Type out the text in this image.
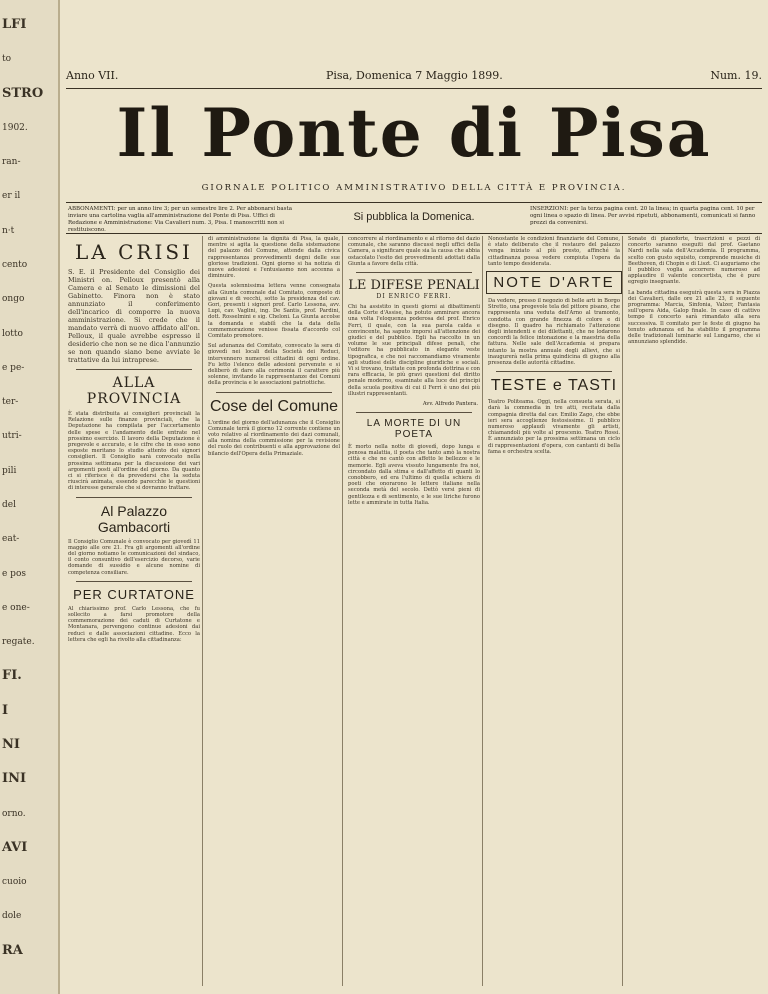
LFI
to
STRO
1902.
ran-
er il
n·t
cento
ongo
lotto
e pe-
ter-
utri-
pili
del
eat-
e pos
e one-
regate.
FI.
I
NI
INI
orno.
AVI
cuoio
dole
RA
Anno VII.	Pisa, Domenica 7 Maggio 1899.	Num. 19.
Il Ponte di Pisa
GIORNALE POLITICO AMMINISTRATIVO DELLA CITTÀ E PROVINCIA.
ABBONAMENTI: per un anno lire 3; per un semestre lire 2. Per abbonarsi basta inviare una cartolina vaglia all'amministrazione del Ponte di Pisa. Uffici di Redazione e Amministrazione: Via Cavalieri num. 3, Pisa. I manoscritti non si restituiscono.
Si pubblica la Domenica.
INSERZIONI: per la terza pagina cent. 20 la linea; in quarta pagina cent. 10 per ogni linea o spazio di linea. Per avvisi ripetuti, abbonamenti, comunicati si fanno prezzi da convenirsi.
LA CRISI

S. E. il Presidente del Consiglio dei Ministri on. Pelloux presentò alla Camera e al Senato le dimissioni del Gabinetto. Finora non è stato annunziato il conferimento dell'incarico di comporre la nuova amministrazione. Si crede che il mandato verrà di nuovo affidato all'on. Pelloux, il quale avrebbe espresso il desiderio che non se ne dica l'annunzio se non quando siano bene avviate le trattative da lui intraprese.

ALLA PROVINCIA

È stata distribuita ai consiglieri provinciali la Relazione sulle finanze provinciali, che la Deputazione ha compilata per l'accertamento delle spese e l'andamento delle entrate nel prossimo esercizio. Il lavoro della Deputazione è pregevole e accurato, e le cifre che in esso sono esposte meritano lo studio attento dei signori consiglieri. Il Consiglio sarà convocato nella prossima settimana per la discussione dei vari argomenti posti all'ordine del giorno. Da quanto ci si riferisce è da prevedersi che la seduta riuscirà animata, essendo parecchie le questioni di interesse generale che si dovranno trattare.

Al Palazzo Gambacorti

Il Consiglio Comunale è convocato per giovedì 11 maggio alle ore 21. Fra gli argomenti all'ordine del giorno notiamo le comunicazioni del sindaco, il conto consuntivo dell'esercizio decorso, varie domande di sussidio e alcune nomine di competenza consiliare.

PER CURTATONE

Al chiarissimo prof. Carlo Lessona, che fu sollecito a farsi promotore della commemorazione dei caduti di Curtatone e Montanara, pervengono continue adesioni dai reduci e dalle associazioni cittadine. Ecco la lettera che egli ha rivolto alla cittadinanza:

di amministrazione la dignità di Pisa, la quale, mentre si agita la questione della sistemazione del palazzo del Comune, attende dalla civica rappresentanza provvedimenti degni delle sue gloriose tradizioni. Ogni giorno si ha notizia di nuove adesioni e l'entusiasmo non accenna a diminuire.

Questa solennissima lettera venne consegnata alla Giunta comunale dal Comitato, composto di giovani e di vecchi, sotto la presidenza del cav. Gori, presenti i signori prof. Carlo Lessona, avv. Lupi, cav. Vaglini, ing. De Santis, prof. Pardini, dott. Rosselmini e sig. Cheloni. La Giunta accolse la domanda e stabilì che la data della commemorazione venisse fissata d'accordo col Comitato promotore.

Sul adunanza del Comitato, convocato la sera di giovedì nei locali della Società dei Reduci, intervennero numerosi cittadini di ogni ordine. Fu letto l'elenco delle adesioni pervenute e si deliberò di dare alla cerimonia il carattere più solenne, invitando le rappresentanze dei Comuni della provincia e le associazioni patriottiche.

Cose del Comune

L'ordine del giorno dell'adunanza che il Consiglio Comunale terrà il giorno 12 corrente contiene un voto relativo al riordinamento dei dazi comunali, alla nomina della commissione per la revisione del ruolo dei contribuenti e alla approvazione del bilancio dell'Opera della Primaziale.

concorrere al riordinamento e al ritorno del dazio comunale, che saranno discussi negli uffici della Camera, a significare quale sia la causa che abbia ostacolato l'esito dei provvedimenti adottati dalla Giunta a favore della città.

LE DIFESE PENALI
DI ENRICO FERRI.

Chi ha assistito in questi giorni ai dibattimenti della Corte d'Assise, ha potuto ammirare ancora una volta l'eloquenza poderosa del prof. Enrico Ferri, il quale, con la sua parola calda e convincente, ha saputo imporsi all'attenzione dei giudici e del pubblico. Egli ha raccolto in un volume le sue principali difese penali, che l'editore ha pubblicato in elegante veste tipografica, e che noi raccomandiamo vivamente agli studiosi delle discipline giuridiche e sociali. Vi si trovano, trattate con profonda dottrina e con rara efficacia, le più gravi questioni del diritto penale moderno, esaminate alla luce dei principi della scuola positiva di cui il Ferri è uno dei più illustri rappresentanti.

Avv. Alfredo Pantera.
LA MORTE DI UN POETA

È morto nella notte di giovedì, dopo lunga e penosa malattia, il poeta che tanto amò la nostra città e che ne cantò con affetto le bellezze e le memorie. Egli aveva vissuto lungamente fra noi, circondato dalla stima e dall'affetto di quanti lo conobbero, ed era l'ultimo di quella schiera di poeti che onorarono le lettere italiane nella seconda metà del secolo. Dettò versi pieni di gentilezza e di sentimento, e le sue liriche furono lette e ammirate in tutta Italia.

Nonostante le condizioni finanziarie del Comune, è stato deliberato che il restauro del palazzo venga iniziato al più presto, affinché la cittadinanza possa vedere compiuta l'opera da tanto tempo desiderata.

NOTE D'ARTE

Da vedere, presso il negozio di belle arti in Borgo Stretto, una pregevole tela del pittore pisano, che rappresenta una veduta dell'Arno al tramonto, condotta con grande finezza di colore e di disegno. Il quadro ha richiamato l'attenzione degli intendenti e dei dilettanti, che ne lodarono concordi la felice intonazione e la maestria della fattura. Nelle sale dell'Accademia si prepara intanto la mostra annuale degli allievi, che si inaugurerà nella prima quindicina di giugno alla presenza delle autorità cittadine.

TESTE e TASTI

Teatro Politeama. Oggi, nella consueta serata, si darà la commedia in tre atti, recitata dalla compagnia diretta dal cav. Emilio Zago, che ebbe ieri sera accoglienze festosissime. Il pubblico numeroso applaudì vivamente gli artisti, chiamandoli più volte al proscenio. Teatro Rossi. È annunziato per la prossima settimana un ciclo di rappresentazioni d'opera, con cantanti di bella fama e orchestra scelta.

Sonate di pianoforte, trascrizioni e pezzi di concerto saranno eseguiti dal prof. Gaetano Nardi nella sala dell'Accademia. Il programma, scelto con gusto squisito, comprende musiche di Beethoven, di Chopin e di Liszt. Ci auguriamo che il pubblico voglia accorrere numeroso ad applaudire il valente concertista, che è pure egregio insegnante.

La banda cittadina eseguirà questa sera in Piazza dei Cavalieri, dalle ore 21 alle 23, il seguente programma: Marcia, Sinfonia, Valzer, Fantasia sull'opera Aida, Galop finale. In caso di cattivo tempo il concerto sarà rimandato alla sera successiva. Il comitato per le feste di giugno ha tenuto adunanza ed ha stabilito il programma delle tradizionali luminarie sul Lungarno, che si annunziano splendide.
